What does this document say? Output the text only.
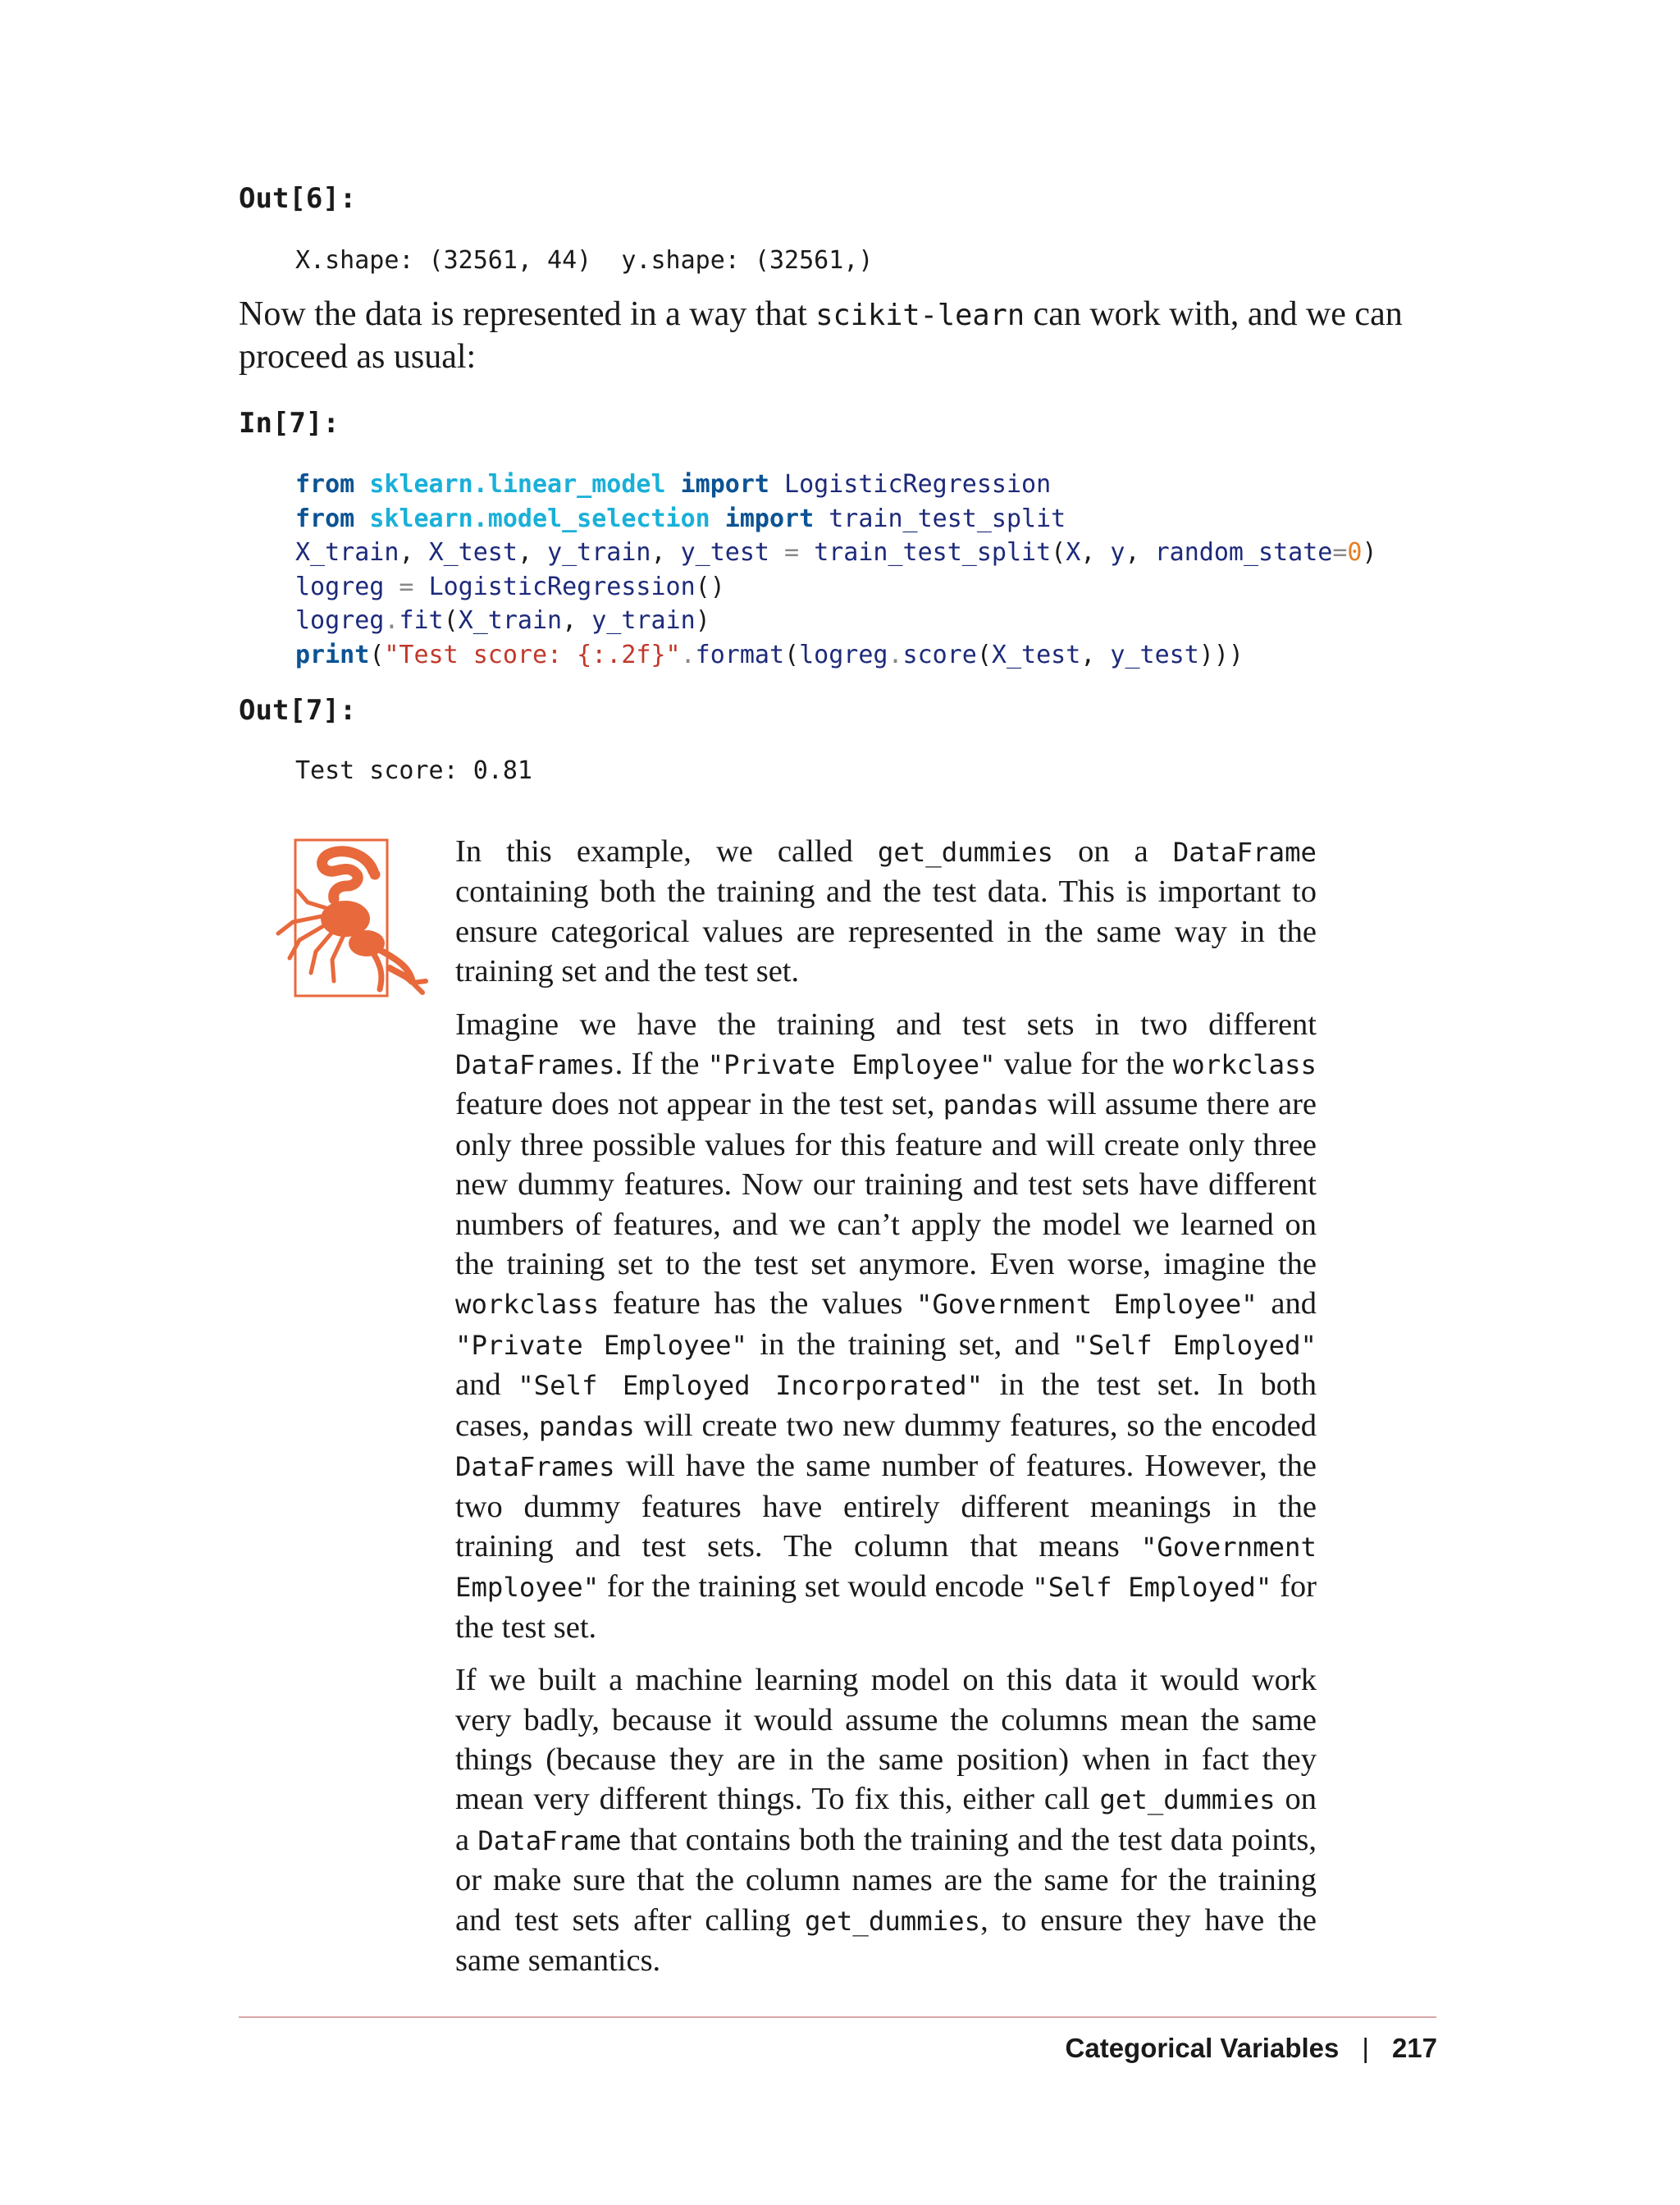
Out[6]:
X.shape: (32561, 44)  y.shape: (32561,)
Now the data is represented in a way that scikit-learn can work with, and we can proceed as usual:
In[7]:
from sklearn.linear_model import LogisticRegression
from sklearn.model_selection import train_test_split
X_train, X_test, y_train, y_test = train_test_split(X, y, random_state=0)
logreg = LogisticRegression()
logreg.fit(X_train, y_train)
print("Test score: {:.2f}".format(logreg.score(X_test, y_test)))
Out[7]:
Test score: 0.81

In this example, we called get_dummies on a DataFrame containing both the training and the test data. This is important to ensure categorical values are represented in the same way in the training set and the test set.

Imagine we have the training and test sets in two different DataFrames. If the "Private Employee" value for the workclass feature does not appear in the test set, pandas will assume there are only three possible values for this feature and will create only three new dummy features. Now our training and test sets have different numbers of features, and we can’t apply the model we learned on the training set to the test set anymore. Even worse, imagine the workclass feature has the values "Government Employee" and "Private Employee" in the training set, and "Self Employed" and "Self Employed Incorporated" in the test set. In both cases, pandas will create two new dummy features, so the encoded DataFrames will have the same number of features. However, the two dummy features have entirely different meanings in the training and test sets. The column that means "Government Employee" for the training set would encode "Self Employed" for the test set.

If we built a machine learning model on this data it would work very badly, because it would assume the columns mean the same things (because they are in the same position) when in fact they mean very different things. To fix this, either call get_dummies on a DataFrame that contains both the training and the test data points, or make sure that the column names are the same for the training and test sets after calling get_dummies, to ensure they have the same semantics.

Categorical Variables | 217
